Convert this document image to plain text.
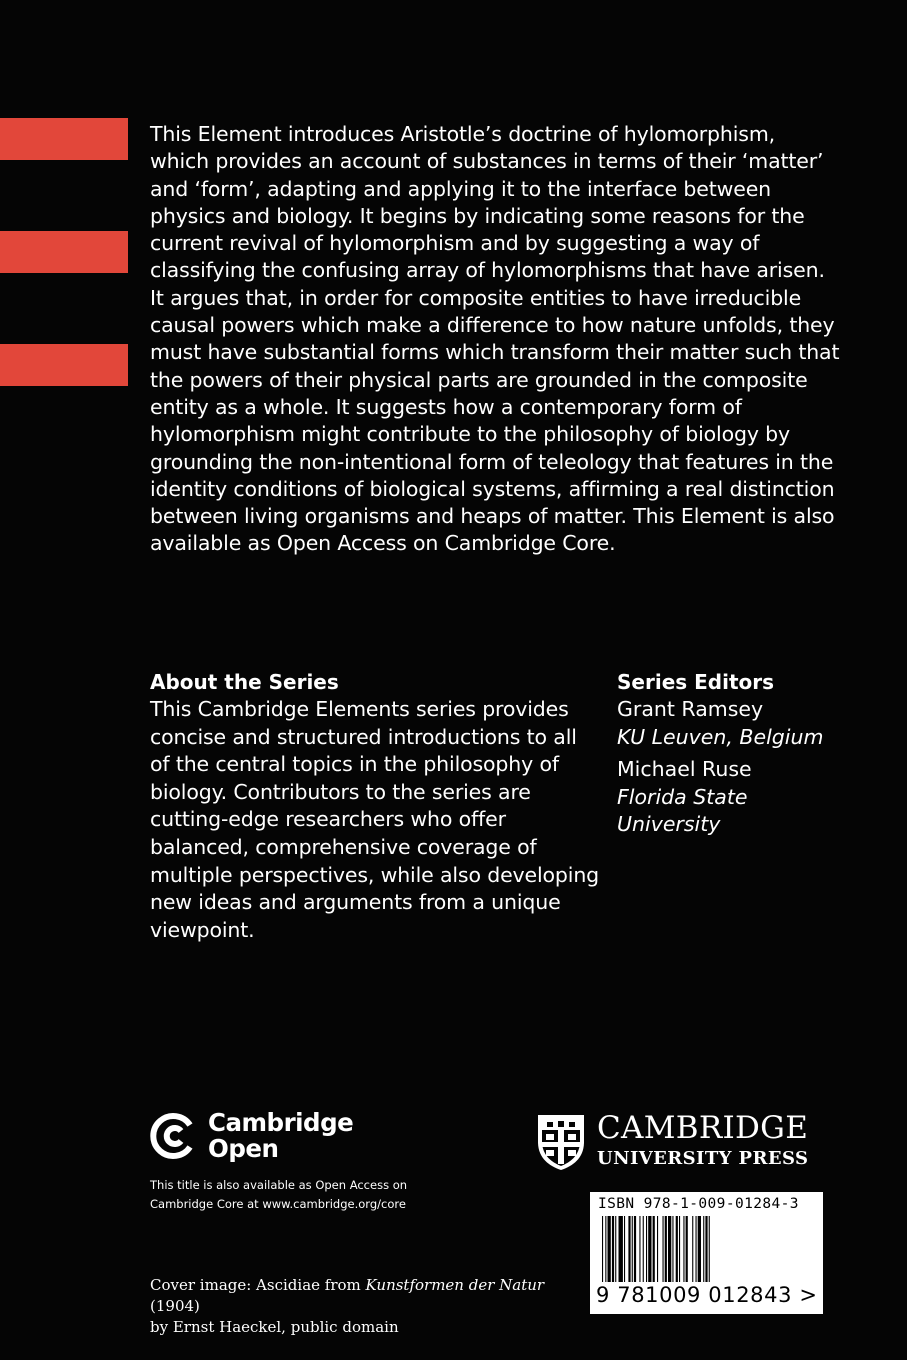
This Element introduces Aristotle’s doctrine of hylomorphism, which provides an account of substances in terms of their ‘matter’ and ‘form’, adapting and applying it to the interface between physics and biology. It begins by indicating some reasons for the current revival of hylomorphism and by suggesting a way of classifying the confusing array of hylomorphisms that have arisen. It argues that, in order for composite entities to have irreducible causal powers which make a difference to how nature unfolds, they must have substantial forms which transform their matter such that the powers of their physical parts are grounded in the composite entity as a whole. It suggests how a contemporary form of hylomorphism might contribute to the philosophy of biology by grounding the non-intentional form of teleology that features in the identity conditions of biological systems, affirming a real distinction between living organisms and heaps of matter. This Element is also available as Open Access on Cambridge Core.

About the Series

This Cambridge Elements series provides concise and structured introductions to all of the central topics in the philosophy of biology. Contributors to the series are cutting-edge researchers who offer balanced, comprehensive coverage of multiple perspectives, while also developing new ideas and arguments from a unique viewpoint.

Series Editors

Grant Ramsey

KU Leuven, Belgium

Michael Ruse

Florida State University

Cambridge
Open
This title is also available as Open Access on
Cambridge Core at www.cambridge.org/core
CAMBRIDGE
UNIVERSITY PRESS
ISBN 978-1-009-01284-3
9 781009 012843 >
Cover image: Ascidiae from Kunstformen der Natur (1904)
by Ernst Haeckel, public domain
